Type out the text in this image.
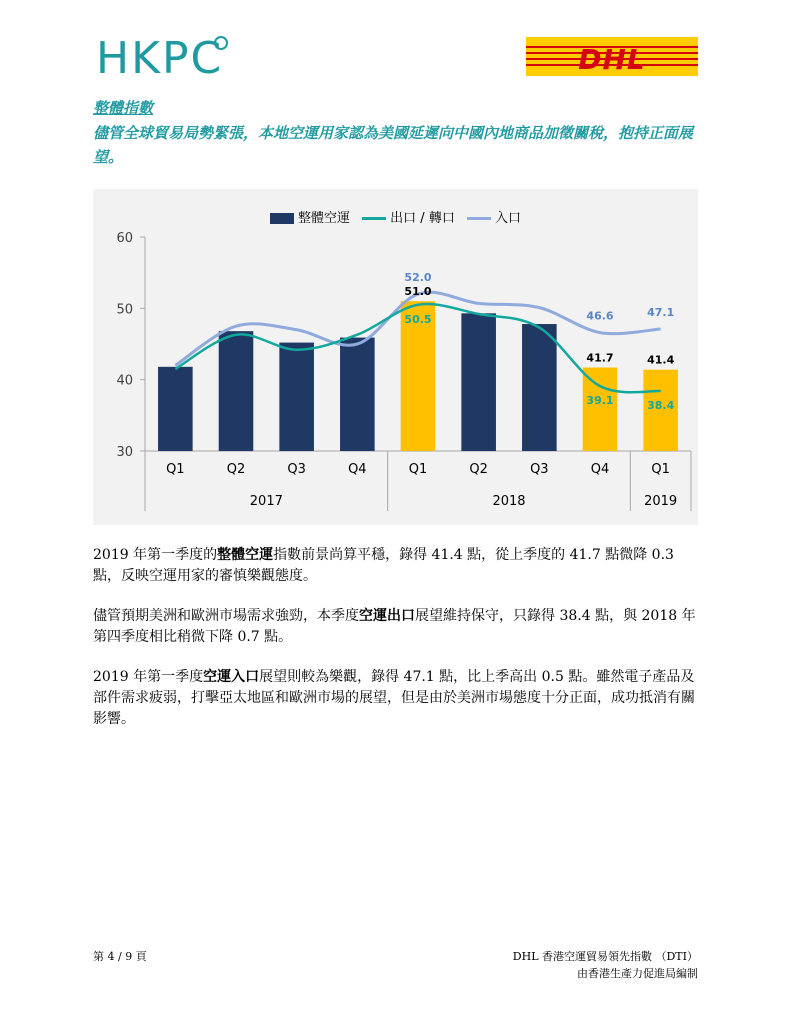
HKPC	DHL
整體指數
儘管全球貿易局勢緊張，本地空運用家認為美國延遲向中國內地商品加徵關稅，抱持正面展望。
整體空運	出口 / 轉口	入口
30
40
50
60
52.0
51.0
50.5	46.6	47.1
41.7	41.4
39.1	38.4
Q1	Q2	Q3	Q4	Q1	Q2	Q3	Q4	Q1
2017	2018	2019
2019 年第一季度的整體空運指數前景尚算平穩，錄得 41.4 點，從上季度的 41.7 點微降 0.3 點，反映空運用家的審慎樂觀態度。
儘管預期美洲和歐洲市場需求強勁，本季度空運出口展望維持保守，只錄得 38.4 點，與 2018 年第四季度相比稍微下降 0.7 點。
2019 年第一季度空運入口展望則較為樂觀，錄得 47.1 點，比上季高出 0.5 點。雖然電子產品及部件需求疲弱，打擊亞太地區和歐洲市場的展望，但是由於美洲市場態度十分正面，成功抵消有關影響。
第 4 / 9 頁	DHL 香港空運貿易領先指數 （DTI）
由香港生產力促進局編制
